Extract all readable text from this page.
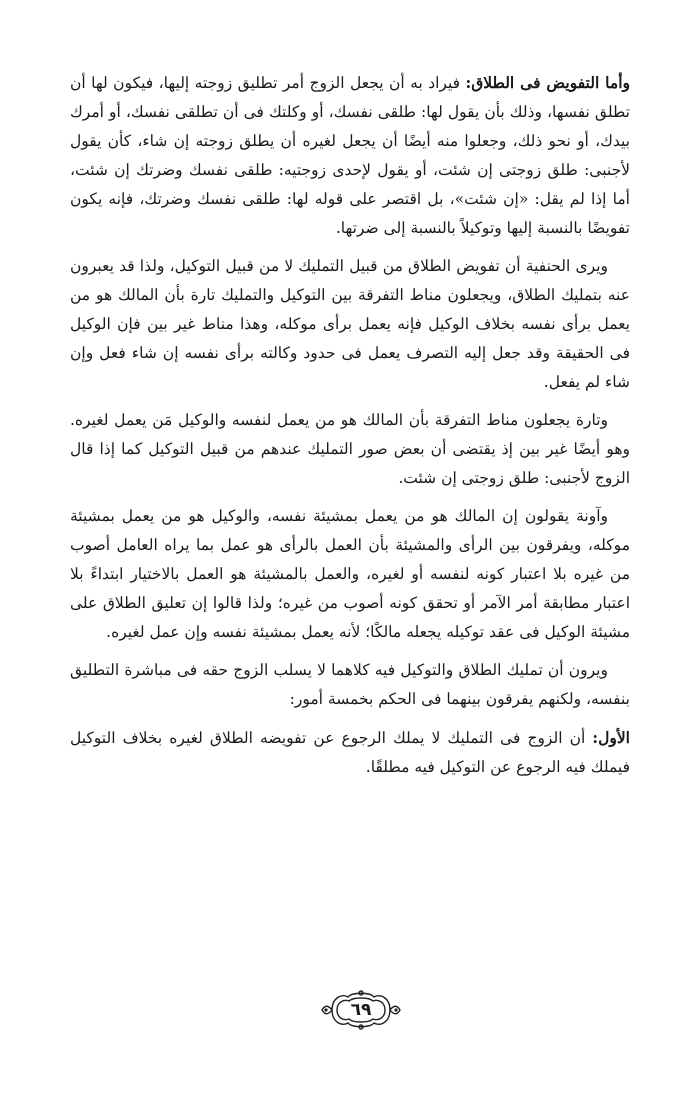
وأما التفويض فى الطلاق: فيراد به أن يجعل الزوج أمر تطليق زوجته إليها، فيكون لها أن تطلق نفسها، وذلك بأن يقول لها: طلقى نفسك، أو وكلتك فى أن تطلقى نفسك، أو أمرك بيدك، أو نحو ذلك، وجعلوا منه أيضًا أن يجعل لغيره أن يطلق زوجته إن شاء، كأن يقول لأجنبى: طلق زوجتى إن شئت، أو يقول لإحدى زوجتيه: طلقى نفسك وضرتك إن شئت، أما إذا لم يقل: «إن شئت»، بل اقتصر على قوله لها: طلقى نفسك وضرتك، فإنه يكون تفويضًا بالنسبة إليها وتوكيلاً بالنسبة إلى ضرتها.

ويرى الحنفية أن تفويض الطلاق من قبيل التمليك لا من قبيل التوكيل، ولذا قد يعبرون عنه بتمليك الطلاق، ويجعلون مناط التفرقة بين التوكيل والتمليك تارة بأن المالك هو من يعمل برأى نفسه بخلاف الوكيل فإنه يعمل برأى موكله، وهذا مناط غير بين فإن الوكيل فى الحقيقة وقد جعل إليه التصرف يعمل فى حدود وكالته برأى نفسه إن شاء فعل وإن شاء لم يفعل.

وتارة يجعلون مناط التفرقة بأن المالك هو من يعمل لنفسه والوكيل مَن يعمل لغيره. وهو أيضًا غير بين إذ يقتضى أن بعض صور التمليك عندهم من قبيل التوكيل كما إذا قال الزوج لأجنبى: طلق زوجتى إن شئت.

وآونة يقولون إن المالك هو من يعمل بمشيئة نفسه، والوكيل هو من يعمل بمشيئة موكله، ويفرقون بين الرأى والمشيئة بأن العمل بالرأى هو عمل بما يراه العامل أصوب من غيره بلا اعتبار كونه لنفسه أو لغيره، والعمل بالمشيئة هو العمل بالاختيار ابتداءً بلا اعتبار مطابقة أمر الآمر أو تحقق كونه أصوب من غيره؛ ولذا قالوا إن تعليق الطلاق على مشيئة الوكيل فى عقد توكيله يجعله مالكًا؛ لأنه يعمل بمشيئة نفسه وإن عمل لغيره.

ويرون أن تمليك الطلاق والتوكيل فيه كلاهما لا يسلب الزوج حقه فى مباشرة التطليق بنفسه، ولكنهم يفرقون بينهما فى الحكم بخمسة أمور:

الأول: أن الزوج فى التمليك لا يملك الرجوع عن تفويضه الطلاق لغيره بخلاف التوكيل فيملك فيه الرجوع عن التوكيل فيه مطلقًا.

٦٩
